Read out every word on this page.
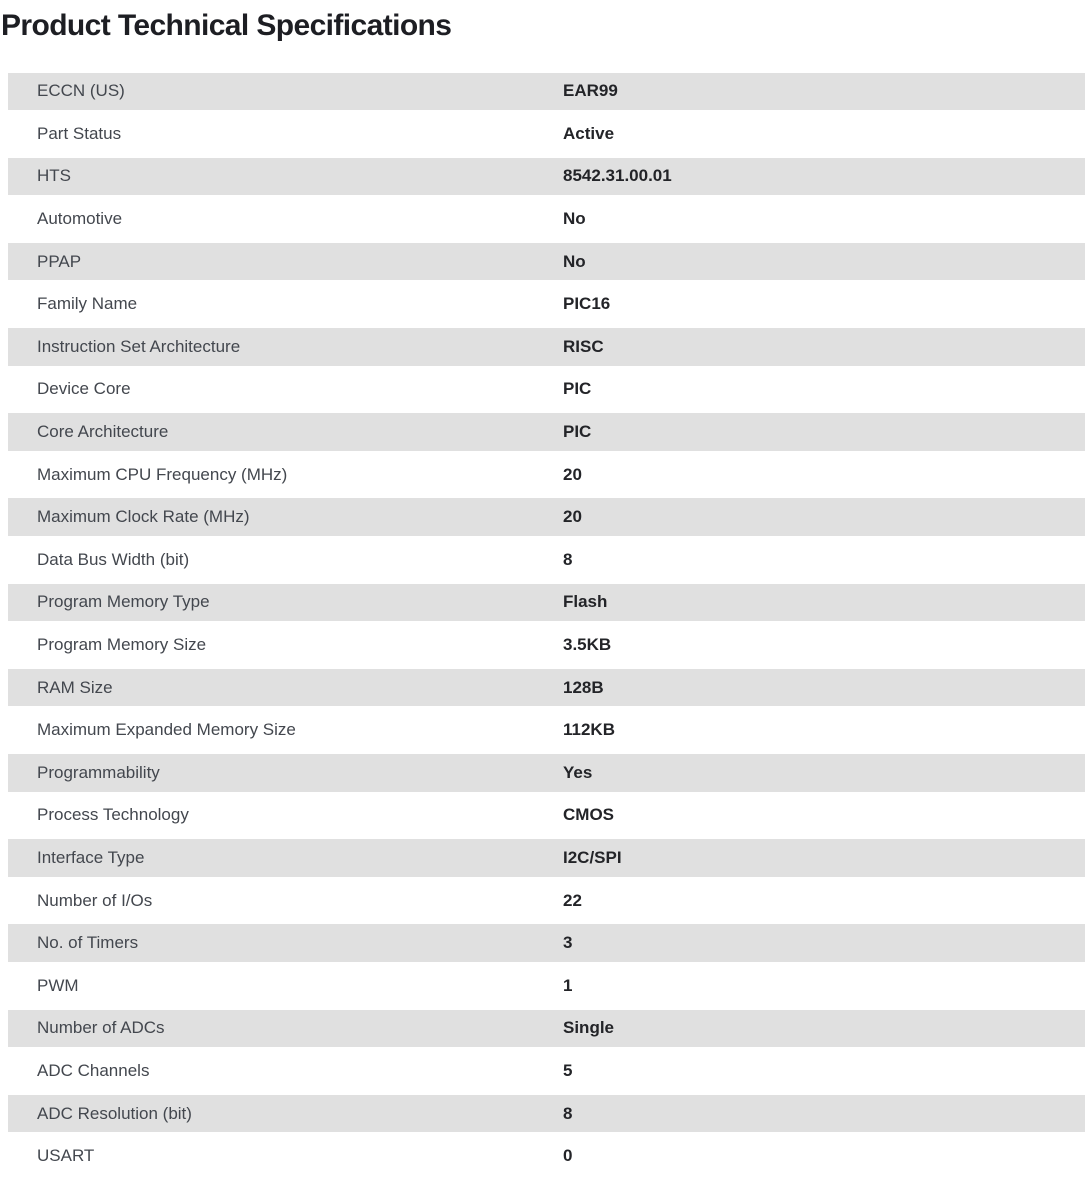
Product Technical Specifications
ECCN (US)	EAR99
Part Status	Active
HTS	8542.31.00.01
Automotive	No
PPAP	No
Family Name	PIC16
Instruction Set Architecture	RISC
Device Core	PIC
Core Architecture	PIC
Maximum CPU Frequency (MHz)	20
Maximum Clock Rate (MHz)	20
Data Bus Width (bit)	8
Program Memory Type	Flash
Program Memory Size	3.5KB
RAM Size	128B
Maximum Expanded Memory Size	112KB
Programmability	Yes
Process Technology	CMOS
Interface Type	I2C/SPI
Number of I/Os	22
No. of Timers	3
PWM	1
Number of ADCs	Single
ADC Channels	5
ADC Resolution (bit)	8
USART	0
